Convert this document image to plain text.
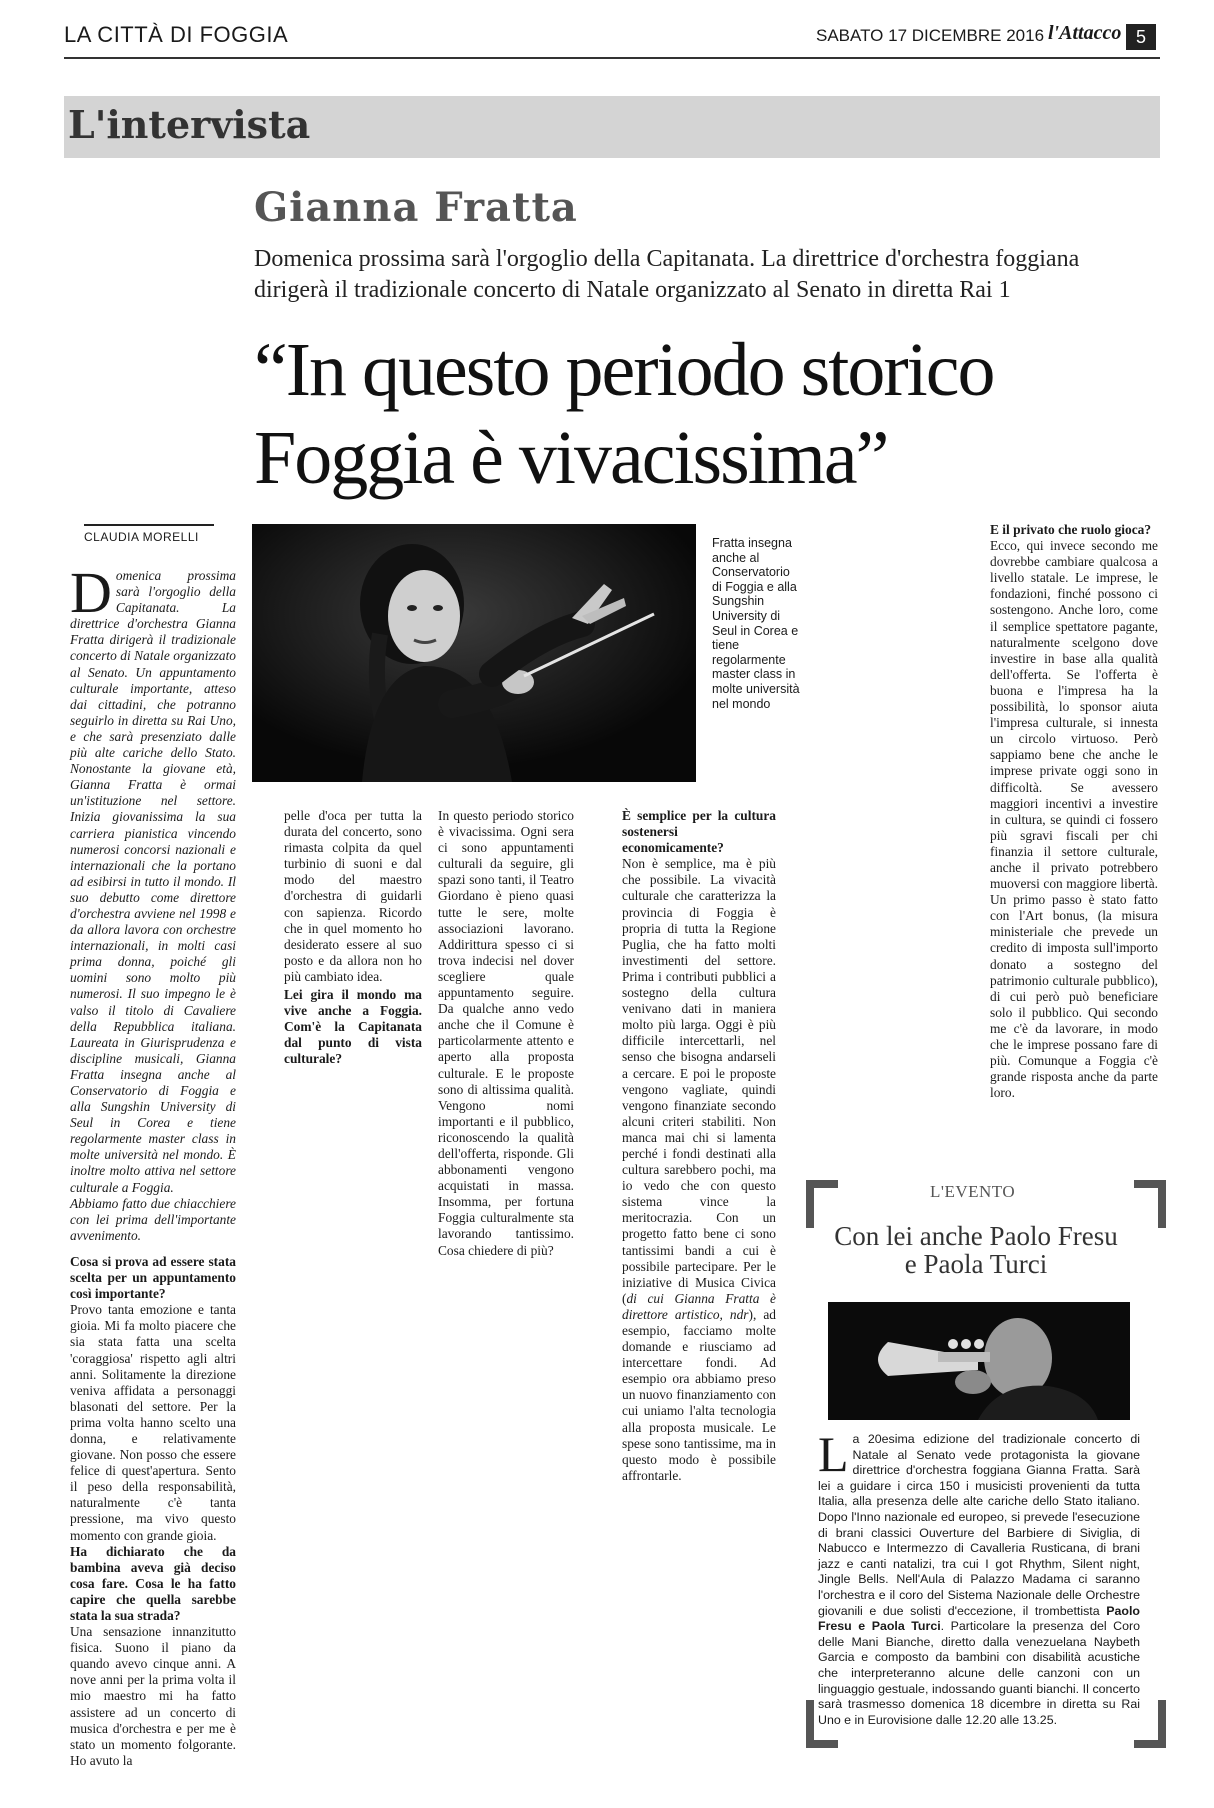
LA CITTÀ DI FOGGIA	SABATO 17 DICEMBRE 2016 l'Attacco 5
L'intervista
Gianna Fratta
Domenica prossima sarà l'orgoglio della Capitanata. La direttrice d'orchestra foggiana dirigerà il tradizionale concerto di Natale organizzato al Senato in diretta Rai 1
“In questo periodo storico
Foggia è vivacissima”
CLAUDIA MORELLI	Fratta insegna anche al Conservatorio di Foggia e alla Sungshin University di Seul in Corea e tiene regolarmente master class in molte università nel mondo

Domenica prossima sarà l'orgoglio della Capitanata. La direttrice d'orchestra Gianna Fratta dirigerà il tradizionale concerto di Natale organizzato al Senato. Un appuntamento culturale importante, atteso dai cittadini, che potranno seguirlo in diretta su Rai Uno, e che sarà presenziato dalle più alte cariche dello Stato. Nonostante la giovane età, Gianna Fratta è ormai un'istituzione nel settore. Inizia giovanissima la sua carriera pianistica vincendo numerosi concorsi nazionali e internazionali che la portano ad esibirsi in tutto il mondo. Il suo debutto come direttore d'orchestra avviene nel 1998 e da allora lavora con orchestre internazionali, in molti casi prima donna, poiché gli uomini sono molto più numerosi. Il suo impegno le è valso il titolo di Cavaliere della Repubblica italiana. Laureata in Giurisprudenza e discipline musicali, Gianna Fratta insegna anche al Conservatorio di Foggia e alla Sungshin University di Seul in Corea e tiene regolarmente master class in molte università nel mondo. È inoltre molto attiva nel settore culturale a Foggia.

Abbiamo fatto due chiacchiere con lei prima dell'importante avvenimento.

Cosa si prova ad essere stata scelta per un appuntamento così importante?

Provo tanta emozione e tanta gioia. Mi fa molto piacere che sia stata fatta una scelta 'coraggiosa' rispetto agli altri anni. Solitamente la direzione veniva affidata a personaggi blasonati del settore. Per la prima volta hanno scelto una donna, e relativamente giovane. Non posso che essere felice di quest'apertura. Sento il peso della responsabilità, naturalmente c'è tanta pressione, ma vivo questo momento con grande gioia.

Ha dichiarato che da bambina aveva già deciso cosa fare. Cosa le ha fatto capire che quella sarebbe stata la sua strada?

Una sensazione innanzitutto fisica. Suono il piano da quando avevo cinque anni. A nove anni per la prima volta il mio maestro mi ha fatto assistere ad un concerto di musica d'orchestra e per me è stato un momento folgorante. Ho avuto la

pelle d'oca per tutta la durata del concerto, sono rimasta colpita da quel turbinio di suoni e dal modo del maestro d'orchestra di guidarli con sapienza. Ricordo che in quel momento ho desiderato essere al suo posto e da allora non ho più cambiato idea.

Lei gira il mondo ma vive anche a Foggia. Com'è la Capitanata dal punto di vista culturale?

In questo periodo storico è vivacissima. Ogni sera ci sono appuntamenti culturali da seguire, gli spazi sono tanti, il Teatro Giordano è pieno quasi tutte le sere, molte associazioni lavorano. Addirittura spesso ci si trova indecisi nel dover scegliere quale appuntamento seguire. Da qualche anno vedo anche che il Comune è particolarmente attento e aperto alla proposta culturale. E le proposte sono di altissima qualità. Vengono nomi importanti e il pubblico, riconoscendo la qualità dell'offerta, risponde. Gli abbonamenti vengono acquistati in massa. Insomma, per fortuna Foggia culturalmente sta lavorando tantissimo. Cosa chiedere di più?

È semplice per la cultura sostenersi economicamente?

Non è semplice, ma è più che possibile. La vivacità culturale che caratterizza la provincia di Foggia è propria di tutta la Regione Puglia, che ha fatto molti investimenti del settore. Prima i contributi pubblici a sostegno della cultura venivano dati in maniera molto più larga. Oggi è più difficile intercettarli, nel senso che bisogna andarseli a cercare. E poi le proposte vengono vagliate, quindi vengono finanziate secondo alcuni criteri stabiliti. Non manca mai chi si lamenta perché i fondi destinati alla cultura sarebbero pochi, ma io vedo che con questo sistema vince la meritocrazia. Con un progetto fatto bene ci sono tantissimi bandi a cui è possibile partecipare. Per le iniziative di Musica Civica (di cui Gianna Fratta è direttore artistico, ndr), ad esempio, facciamo molte domande e riusciamo ad intercettare fondi. Ad esempio ora abbiamo preso un nuovo finanziamento con cui uniamo l'alta tecnologia alla proposta musicale. Le spese sono tantissime, ma in questo modo è possibile affrontarle.

E il privato che ruolo gioca?

Ecco, qui invece secondo me dovrebbe cambiare qualcosa a livello statale. Le imprese, le fondazioni, finché possono ci sostengono. Anche loro, come il semplice spettatore pagante, naturalmente scelgono dove investire in base alla qualità dell'offerta. Se l'offerta è buona e l'impresa ha la possibilità, lo sponsor aiuta l'impresa culturale, si innesta un circolo virtuoso. Però sappiamo bene che anche le imprese private oggi sono in difficoltà. Se avessero maggiori incentivi a investire in cultura, se quindi ci fossero più sgravi fiscali per chi finanzia il settore culturale, anche il privato potrebbero muoversi con maggiore libertà. Un primo passo è stato fatto con l'Art bonus, (la misura ministeriale che prevede un credito di imposta sull'importo donato a sostegno del patrimonio culturale pubblico), di cui però può beneficiare solo il pubblico. Qui secondo me c'è da lavorare, in modo che le imprese possano fare di più. Comunque a Foggia c'è grande risposta anche da parte loro.

L'EVENTO
Con lei anche Paolo Fresu e Paola Turci
La 20esima edizione del tradizionale concerto di Natale al Senato vede protagonista la giovane direttrice d'orchestra foggiana Gianna Fratta. Sarà lei a guidare i circa 150 i musicisti provenienti da tutta Italia, alla presenza delle alte cariche dello Stato italiano. Dopo l'Inno nazionale ed europeo, si prevede l'esecuzione di brani classici Ouverture del Barbiere di Siviglia, di Nabucco e Intermezzo di Cavalleria Rusticana, di brani jazz e canti natalizi, tra cui I got Rhythm, Silent night, Jingle Bells. Nell'Aula di Palazzo Madama ci saranno l'orchestra e il coro del Sistema Nazionale delle Orchestre giovanili e due solisti d'eccezione, il trombettista Paolo Fresu e Paola Turci. Particolare la presenza del Coro delle Mani Bianche, diretto dalla venezuelana Naybeth Garcia e composto da bambini con disabilità acustiche che interpreteranno alcune delle canzoni con un linguaggio gestuale, indossando guanti bianchi. Il concerto sarà trasmesso domenica 18 dicembre in diretta su Rai Uno e in Eurovisione dalle 12.20 alle 13.25.
